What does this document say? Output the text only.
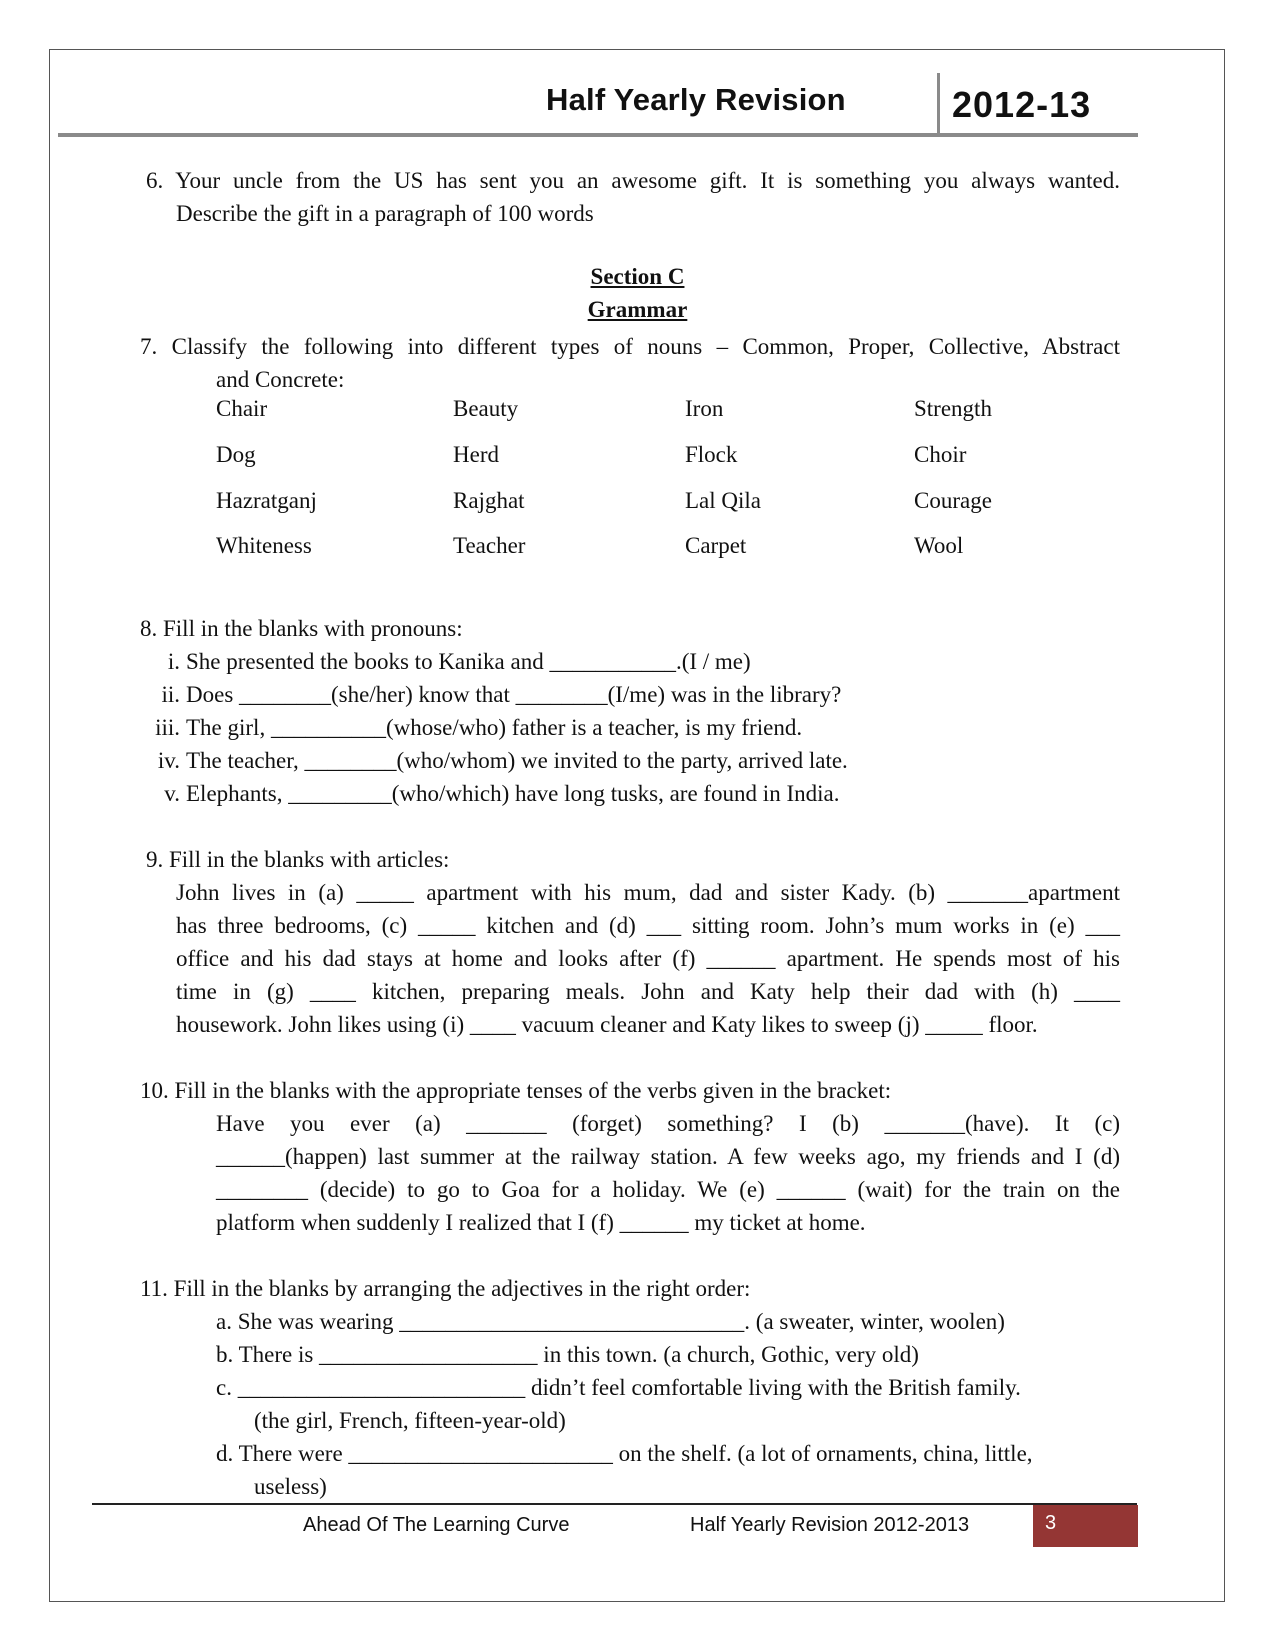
Half Yearly Revision	2012-13
6. Your uncle from the US has sent you an awesome gift. It is something you always wanted.
Describe the gift in a paragraph of 100 words
Section C
Grammar
7. Classify the following into different types of nouns – Common, Proper, Collective, Abstract
and Concrete:
Chair	Beauty	Iron	Strength
Dog	Herd	Flock	Choir
Hazratganj	Rajghat	Lal Qila	Courage
Whiteness	Teacher	Carpet	Wool
8. Fill in the blanks with pronouns:
i. She presented the books to Kanika and ___________.(I / me)
ii. Does ________(she/her) know that ________(I/me) was in the library?
iii. The girl, __________(whose/who) father is a teacher, is my friend.
iv. The teacher, ________(who/whom) we invited to the party, arrived late.
v. Elephants, _________(who/which) have long tusks, are found in India.
9. Fill in the blanks with articles:
John lives in (a) _____ apartment with his mum, dad and sister Kady. (b) _______apartment
has three bedrooms, (c) _____ kitchen and (d) ___ sitting room. John’s mum works in (e) ___
office and his dad stays at home and looks after (f) ______ apartment. He spends most of his
time in (g) ____ kitchen, preparing meals. John and Katy help their dad with (h) ____
housework. John likes using (i) ____ vacuum cleaner and Katy likes to sweep (j) _____ floor.
10. Fill in the blanks with the appropriate tenses of the verbs given in the bracket:
Have you ever (a) _______ (forget) something? I (b) _______(have). It (c)
______(happen) last summer at the railway station. A few weeks ago, my friends and I (d)
________ (decide) to go to Goa for a holiday. We (e) ______ (wait) for the train on the
platform when suddenly I realized that I (f) ______ my ticket at home.
11. Fill in the blanks by arranging the adjectives in the right order:
a. She was wearing ______________________________. (a sweater, winter, woolen)
b. There is ___________________ in this town. (a church, Gothic, very old)
c. _________________________ didn’t feel comfortable living with the British family.
(the girl, French, fifteen-year-old)
d. There were _______________________ on the shelf. (a lot of ornaments, china, little,
useless)
Ahead Of The Learning Curve	Half Yearly Revision 2012-2013	3
